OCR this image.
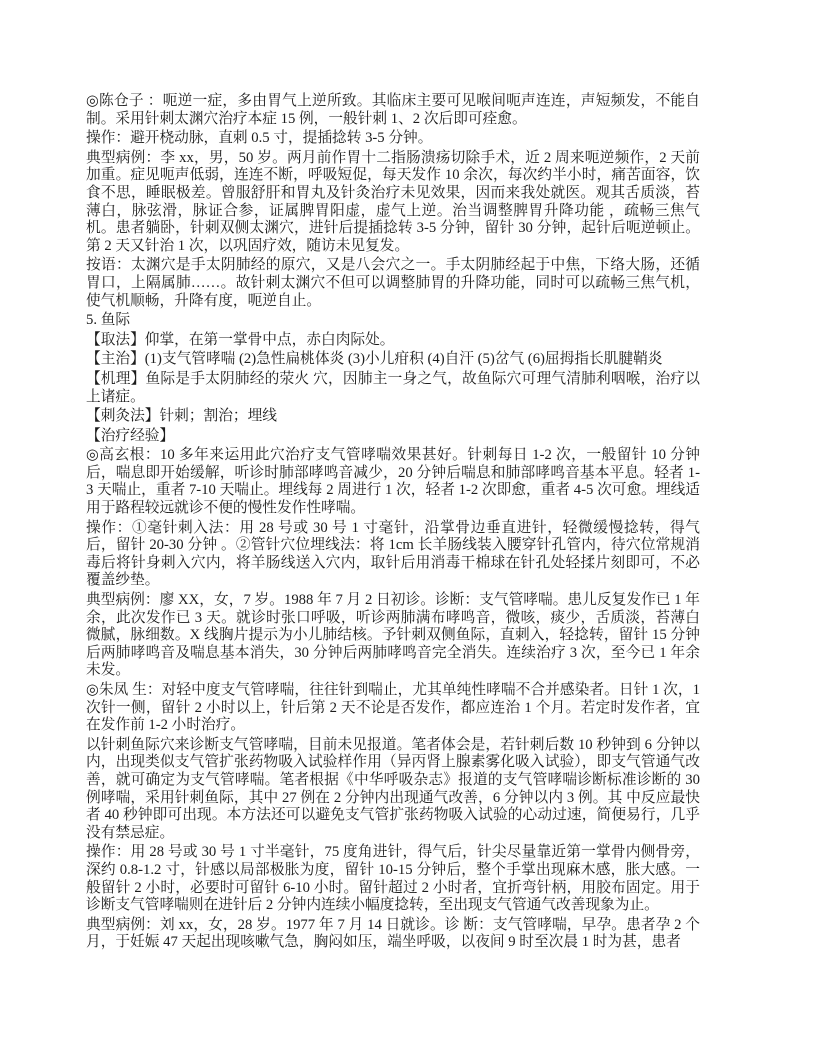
◎陈仓子 ：呃逆一症，多由胃气上逆所致。其临床主要可见喉间呃声连连，声短频发，不能自制。采用针刺太渊穴治疗本症 15 例，一般针刺 1、2 次后即可痊愈。

操作：避开桡动脉，直刺 0.5 寸，提插捻转 3-5 分钟。

典型病例：李 xx，男，50 岁。两月前作胃十二指肠溃疡切除手术，近 2 周来呃逆频作，2 天前加重。症见呃声低弱，连连不断，呼吸短促，每天发作 10 余次，每次约半小时，痛苦面容，饮食不思，睡眠极差。曾服舒肝和胃丸及针灸治疗未见效果，因而来我处就医。观其舌质淡，苔薄白，脉弦滑，脉证合参，证属脾胃阳虚，虚气上逆。治当调整脾胃升降功能 ，疏畅三焦气机。患者躺卧，针刺双侧太渊穴，进针后提插捻转 3-5 分钟，留针 30 分钟，起针后呃逆顿止。第 2 天又针治 1 次，以巩固疗效，随访未见复发。

按语：太渊穴是手太阴肺经的原穴，又是八会穴之一。手太阴肺经起于中焦，下络大肠，还循胃口，上隔属肺……。故针刺太渊穴不但可以调整肺胃的升降功能，同时可以疏畅三焦气机，使气机顺畅，升降有度，呃逆自止。

5. 鱼际

【取法】仰掌，在第一掌骨中点，赤白肉际处。

【主治】(1)支气管哮喘 (2)急性扁桃体炎 (3)小儿疳积 (4)自汗 (5)岔气 (6)屈拇指长肌腱鞘炎

【机理】鱼际是手太阴肺经的荥火 穴，因肺主一身之气，故鱼际穴可理气清肺利咽喉，治疗以上诸症。

【刺灸法】针刺；割治；埋线

【治疗经验】

◎高玄根：10 多年来运用此穴治疗支气管哮喘效果甚好。针刺每日 1-2 次，一般留针 10 分钟后，喘息即开始缓解，听诊时肺部哮鸣音减少，20 分钟后喘息和肺部哮鸣音基本平息。轻者 1-3 天喘止，重者 7-10 天喘止。埋线每 2 周进行 1 次，轻者 1-2 次即愈，重者 4-5 次可愈。埋线适用于路程较远就诊不便的慢性发作性哮喘。

操作：①毫针刺入法：用 28 号或 30 号 1 寸毫针，沿掌骨边垂直进针，轻微缓慢捻转，得气后，留针 20-30 分钟 。②管针穴位埋线法：将 1cm 长羊肠线装入腰穿针孔管内，待穴位常规消毒后将针身刺入穴内，将羊肠线送入穴内，取针后用消毒干棉球在针孔处轻揉片刻即可，不必覆盖纱垫。

典型病例：廖 XX，女，7 岁。1988 年 7 月 2 日初诊。诊断：支气管哮喘。患儿反复发作已 1 年余，此次发作已 3 天。就诊时张口呼吸，听诊两肺满布哮鸣音，微咳，痰少，舌质淡，苔薄白微腻，脉细数。X 线胸片提示为小儿肺结核。予针刺双侧鱼际，直刺入，轻捻转，留针 15 分钟后两肺哮鸣音及喘息基本消失，30 分钟后两肺哮鸣音完全消失。连续治疗 3 次，至今已 1 年余未发。

◎朱凤 生：对轻中度支气管哮喘，往往针到喘止，尤其单纯性哮喘不合并感染者。日针 1 次，1 次针一侧，留针 2 小时以上，针后第 2 天不论是否发作，都应连治 1 个月。若定时发作者，宜在发作前 1-2 小时治疗。

以针刺鱼际穴来诊断支气管哮喘，目前未见报道。笔者体会是，若针刺后数 10 秒钟到 6 分钟以内，出现类似支气管扩张药物吸入试验样作用（异丙肾上腺素雾化吸入试验），即支气管通气改善，就可确定为支气管哮喘。笔者根据《中华呼吸杂志》报道的支气管哮喘诊断标准诊断的 30 例哮喘，采用针刺鱼际，其中 27 例在 2 分钟内出现通气改善，6 分钟以内 3 例。其 中反应最快者 40 秒钟即可出现。本方法还可以避免支气管扩张药物吸入试验的心动过速，简便易行，几乎没有禁忌症。

操作：用 28 号或 30 号 1 寸半毫针，75 度角进针，得气后，针尖尽量靠近第一掌骨内侧骨旁，深约 0.8-1.2 寸，针感以局部极胀为度，留针 10-15 分钟后，整个手掌出现麻木感，胀大感。一般留针 2 小时，必要时可留针 6-10 小时。留针超过 2 小时者，宜折弯针柄，用胶布固定。用于诊断支气管哮喘则在进针后 2 分钟内连续小幅度捻转，至出现支气管通气改善现象为止。

典型病例：刘 xx，女，28 岁。1977 年 7 月 14 日就诊。诊 断：支气管哮喘，早孕。患者孕 2 个月，于妊娠 47 天起出现咳嗽气急，胸闷如压，端坐呼吸，以夜间 9 时至次晨 1 时为甚，患者
